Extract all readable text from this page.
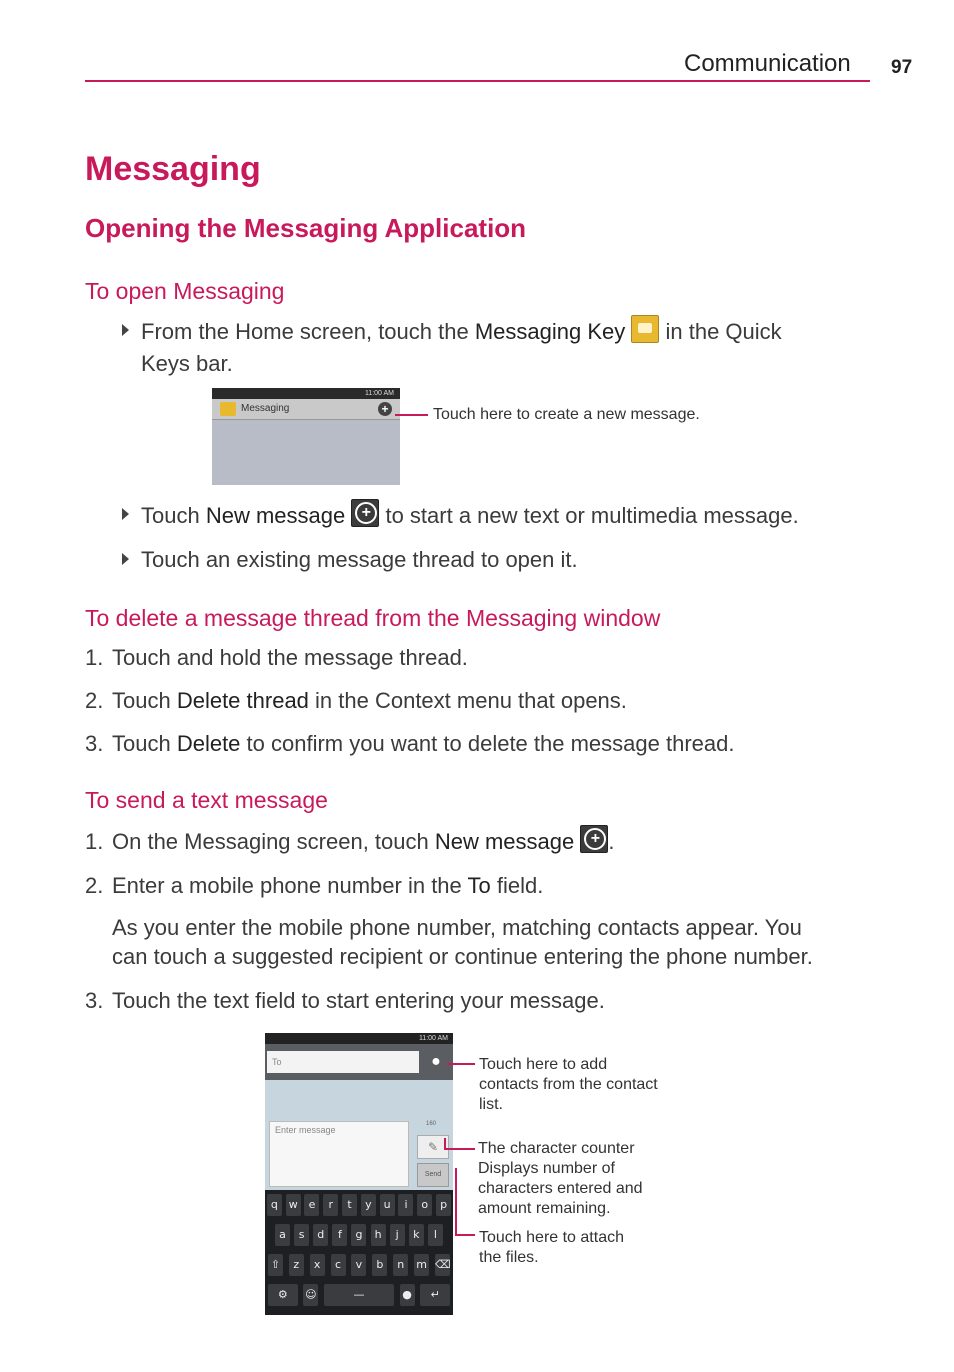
Communication 97
Messaging
Opening the Messaging Application
To open Messaging
From the Home screen, touch the Messaging Key  in the Quick
Keys bar.
11:00 AM
Messaging	+	Touch here to create a new message.
Touch New message + to start a new text or multimedia message.
Touch an existing message thread to open it.
To delete a message thread from the Messaging window
1. Touch and hold the message thread.
2. Touch Delete thread in the Context menu that opens.
3. Touch Delete to confirm you want to delete the message thread.
To send a text message
1. On the Messaging screen, touch New message + .
2. Enter a mobile phone number in the To field.
As you enter the mobile phone number, matching contacts appear. You
can touch a suggested recipient or continue entering the phone number.
3. Touch the text field to start entering your message.
11:00 AM
To	●
Enter message
160
✎
Send
q w e	r	t	y	u	i	o	p
a	s	d	f	g	h	j	k	l
⇧	z	x	c	v	b	n	m ⌫
⚙	☺	—	●	↵
Touch here to add
contacts from the contact
list.
The character counter
Displays number of
characters entered and
amount remaining.
Touch here to attach
the files.
